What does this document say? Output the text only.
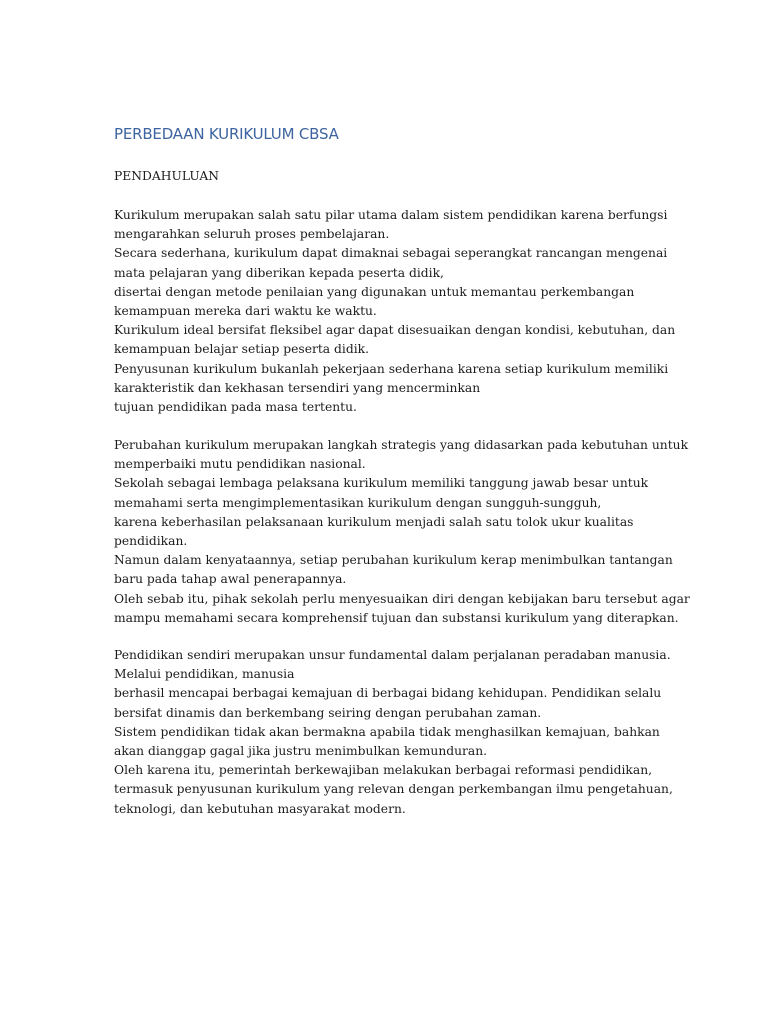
PERBEDAAN KURIKULUM CBSA

PENDAHULUAN

Kurikulum merupakan salah satu pilar utama dalam sistem pendidikan karena berfungsi
mengarahkan seluruh proses pembelajaran.
Secara sederhana, kurikulum dapat dimaknai sebagai seperangkat rancangan mengenai
mata pelajaran yang diberikan kepada peserta didik,
disertai dengan metode penilaian yang digunakan untuk memantau perkembangan
kemampuan mereka dari waktu ke waktu.
Kurikulum ideal bersifat fleksibel agar dapat disesuaikan dengan kondisi, kebutuhan, dan
kemampuan belajar setiap peserta didik.
Penyusunan kurikulum bukanlah pekerjaan sederhana karena setiap kurikulum memiliki
karakteristik dan kekhasan tersendiri yang mencerminkan
tujuan pendidikan pada masa tertentu.
Perubahan kurikulum merupakan langkah strategis yang didasarkan pada kebutuhan untuk
memperbaiki mutu pendidikan nasional.
Sekolah sebagai lembaga pelaksana kurikulum memiliki tanggung jawab besar untuk
memahami serta mengimplementasikan kurikulum dengan sungguh-sungguh,
karena keberhasilan pelaksanaan kurikulum menjadi salah satu tolok ukur kualitas
pendidikan.
Namun dalam kenyataannya, setiap perubahan kurikulum kerap menimbulkan tantangan
baru pada tahap awal penerapannya.
Oleh sebab itu, pihak sekolah perlu menyesuaikan diri dengan kebijakan baru tersebut agar
mampu memahami secara komprehensif tujuan dan substansi kurikulum yang diterapkan.
Pendidikan sendiri merupakan unsur fundamental dalam perjalanan peradaban manusia.
Melalui pendidikan, manusia
berhasil mencapai berbagai kemajuan di berbagai bidang kehidupan. Pendidikan selalu
bersifat dinamis dan berkembang seiring dengan perubahan zaman.
Sistem pendidikan tidak akan bermakna apabila tidak menghasilkan kemajuan, bahkan
akan dianggap gagal jika justru menimbulkan kemunduran.
Oleh karena itu, pemerintah berkewajiban melakukan berbagai reformasi pendidikan,
termasuk penyusunan kurikulum yang relevan dengan perkembangan ilmu pengetahuan,
teknologi, dan kebutuhan masyarakat modern.
